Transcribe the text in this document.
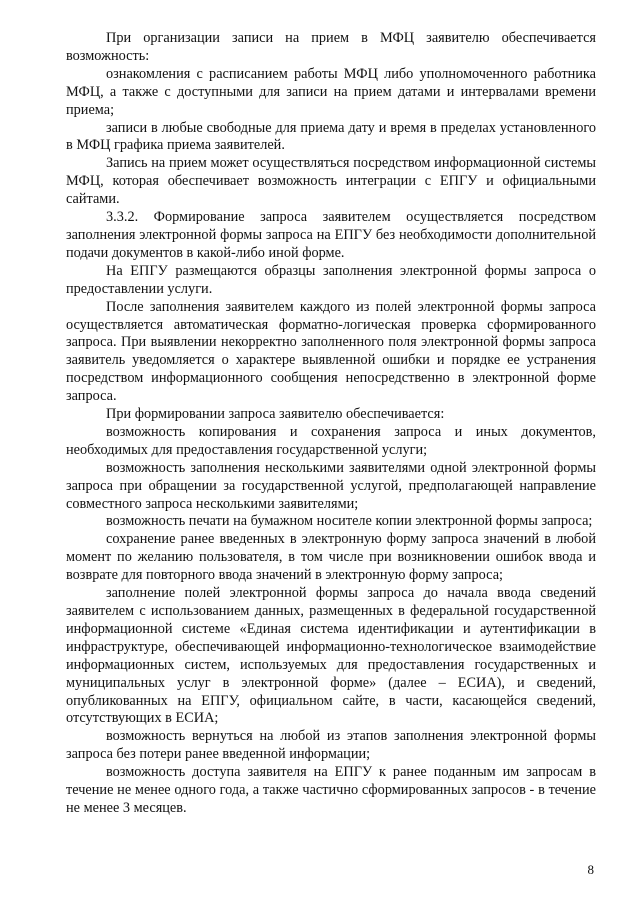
При организации записи на прием в МФЦ заявителю обеспечивается возможность:

ознакомления с расписанием работы МФЦ либо уполномоченного работника МФЦ, а также с доступными для записи на прием датами и интервалами времени приема;

записи в любые свободные для приема дату и время в пределах установленного в МФЦ графика приема заявителей.

Запись на прием может осуществляться посредством информационной системы МФЦ, которая обеспечивает возможность интеграции с ЕПГУ и официальными сайтами.

3.3.2. Формирование запроса заявителем осуществляется посредством заполнения электронной формы запроса на ЕПГУ без необходимости дополнительной подачи документов в какой-либо иной форме.

На ЕПГУ размещаются образцы заполнения электронной формы запроса о предоставлении услуги.

После заполнения заявителем каждого из полей электронной формы запроса осуществляется автоматическая форматно-логическая проверка сформированного запроса. При выявлении некорректно заполненного поля электронной формы запроса заявитель уведомляется о характере выявленной ошибки и порядке ее устранения посредством информационного сообщения непосредственно в электронной форме запроса.

При формировании запроса заявителю обеспечивается:

возможность копирования и сохранения запроса и иных документов, необходимых для предоставления государственной услуги;

возможность заполнения несколькими заявителями одной электронной формы запроса при обращении за государственной услугой, предполагающей направление совместного запроса несколькими заявителями;

возможность печати на бумажном носителе копии электронной формы запроса;

сохранение ранее введенных в электронную форму запроса значений в любой момент по желанию пользователя, в том числе при возникновении ошибок ввода и возврате для повторного ввода значений в электронную форму запроса;

заполнение полей электронной формы запроса до начала ввода сведений заявителем с использованием данных, размещенных в федеральной государственной информационной системе «Единая система идентификации и аутентификации в инфраструктуре, обеспечивающей информационно-технологическое взаимодействие информационных систем, используемых для предоставления государственных и муниципальных услуг в электронной форме» (далее – ЕСИА), и сведений, опубликованных на ЕПГУ, официальном сайте, в части, касающейся сведений, отсутствующих в ЕСИА;

возможность вернуться на любой из этапов заполнения электронной формы запроса без потери ранее введенной информации;

возможность доступа заявителя на ЕПГУ к ранее поданным им запросам в течение не менее одного года, а также частично сформированных запросов - в течение не менее 3 месяцев.

8
